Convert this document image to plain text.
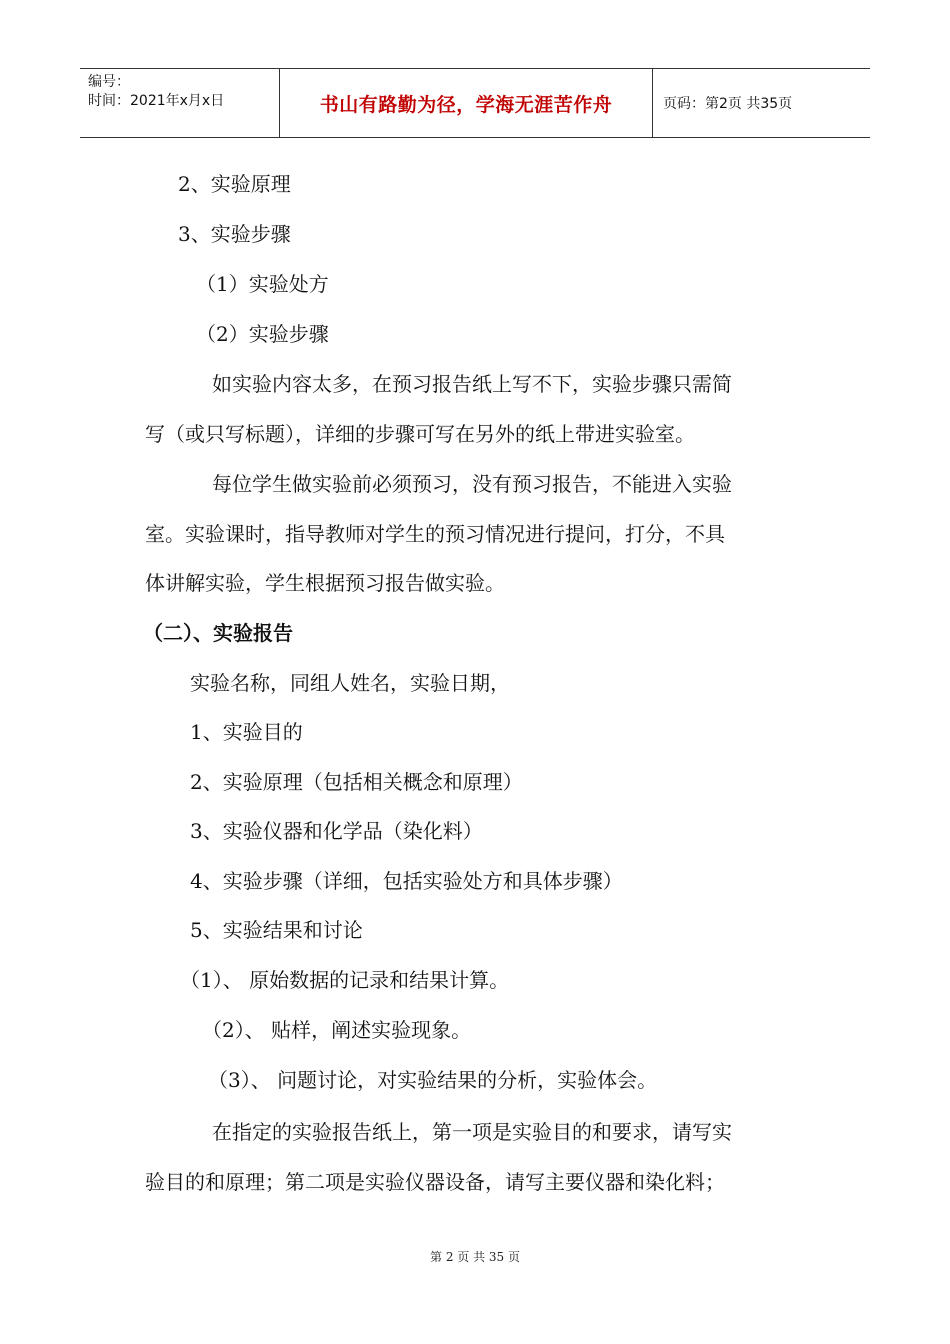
编号：
时间：2021年x月x日	书山有路勤为径，学海无涯苦作舟	页码：第2页 共35页
2、实验原理
3、实验步骤
（1）实验处方
（2）实验步骤
如实验内容太多，在预习报告纸上写不下，实验步骤只需简
写（或只写标题），详细的步骤可写在另外的纸上带进实验室。
每位学生做实验前必须预习，没有预习报告，不能进入实验
室。实验课时，指导教师对学生的预习情况进行提问，打分，不具
体讲解实验，学生根据预习报告做实验。
（二）、实验报告
实验名称，同组人姓名，实验日期，
1、实验目的
2、实验原理（包括相关概念和原理）
3、实验仪器和化学品（染化料）
4、实验步骤（详细，包括实验处方和具体步骤）
5、实验结果和讨论
（1）、 原始数据的记录和结果计算。
（2）、 贴样，阐述实验现象。
（3）、 问题讨论，对实验结果的分析，实验体会。
在指定的实验报告纸上，第一项是实验目的和要求，请写实
验目的和原理；第二项是实验仪器设备，请写主要仪器和染化料；
第 2 页 共 35 页
